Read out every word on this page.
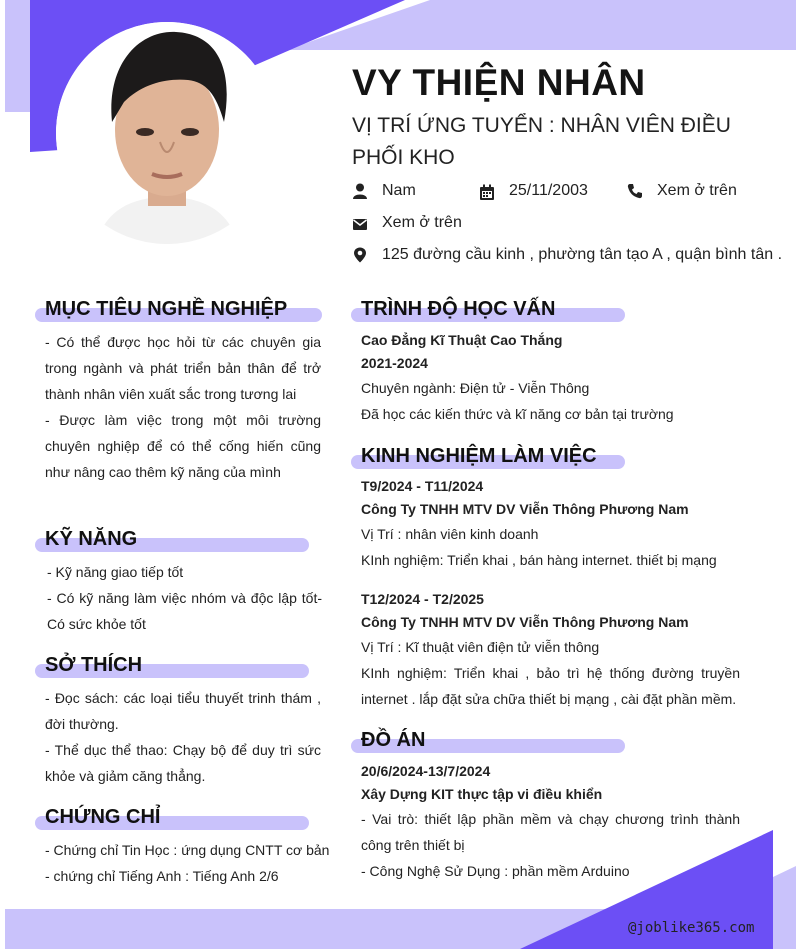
VY THIỆN NHÂN
VỊ TRÍ ỨNG TUYỂN : NHÂN VIÊN ĐIỀU PHỐI KHO
Nam	25/11/2003	Xem ở trên
Xem ở trên
125 đường cầu kinh , phường tân tạo A , quận bình tân .
MỤC TIÊU NGHỀ NGHIỆP
- Có thể được học hỏi từ các chuyên gia trong ngành và phát triển bản thân để trở thành nhân viên xuất sắc trong tương lai
- Được làm việc trong một môi trường chuyên nghiệp để có thể cống hiến cũng như nâng cao thêm kỹ năng của mình
KỸ NĂNG
- Kỹ năng giao tiếp tốt
- Có kỹ năng làm việc nhóm và độc lập tốt- Có sức khỏe tốt
SỞ THÍCH
- Đọc sách: các loại tiểu thuyết trinh thám , đời thường.
- Thể dục thể thao: Chạy bộ để duy trì sức khỏe và giảm căng thẳng.
CHỨNG CHỈ
- Chứng chỉ Tin Học : ứng dụng CNTT cơ bản
- chứng chỉ Tiếng Anh : Tiếng Anh 2/6
TRÌNH ĐỘ HỌC VẤN
Cao Đẳng Kĩ Thuật Cao Thắng
2021-2024
Chuyên ngành: Điện tử - Viễn Thông
Đã học các kiến thức và kĩ năng cơ bản tại trường
KINH NGHIỆM LÀM VIỆC
T9/2024 - T11/2024
Công Ty TNHH MTV DV Viễn Thông Phương Nam
Vị Trí : nhân viên kinh doanh
KInh nghiệm: Triển khai , bán hàng internet. thiết bị mạng
T12/2024 - T2/2025
Công Ty TNHH MTV DV Viễn Thông Phương Nam
Vị Trí : Kĩ thuật viên điện tử viễn thông
KInh nghiệm: Triển khai , bảo trì hệ thống đường truyền internet . lắp đặt sửa chữa thiết bị mạng , cài đặt phần mềm.
ĐỒ ÁN
20/6/2024-13/7/2024
Xây Dựng KIT thực tập vi điều khiển
- Vai trò: thiết lập phần mềm và chạy chương trình thành công trên thiết bị
- Công Nghệ Sử Dụng : phần mềm Arduino
@joblike365.com
